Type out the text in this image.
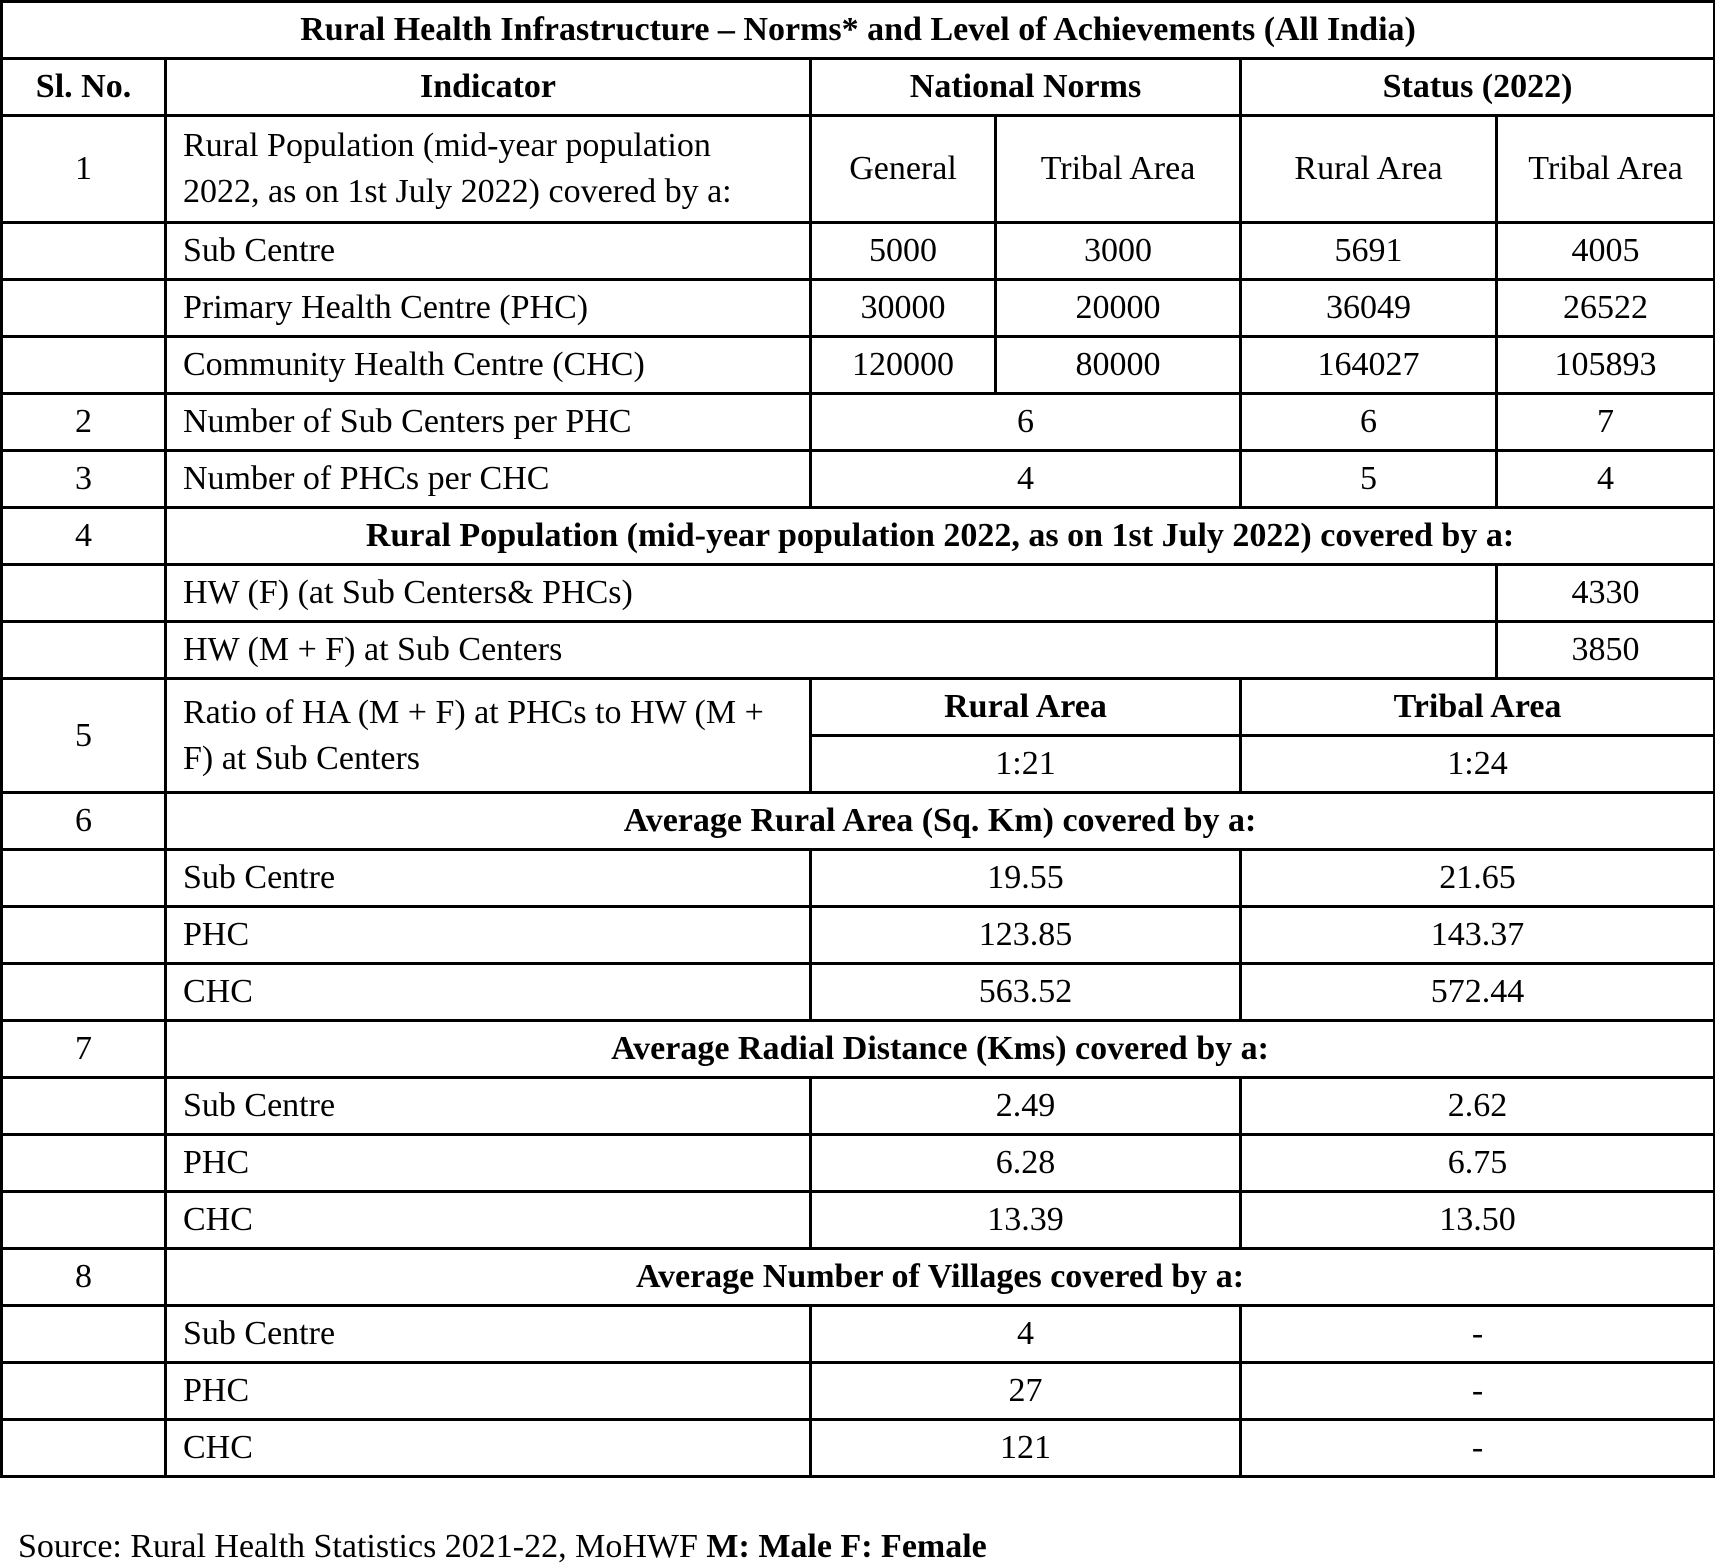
Rural Health Infrastructure – Norms* and Level of Achievements (All India)					
Sl. No.	Indicator	National Norms		Status (2022)	
1	Rural Population (mid-year population 2022, as on 1st July 2022) covered by a:	General	Tribal Area	Rural Area	Tribal Area
	Sub Centre	5000	3000	5691	4005
	Primary Health Centre (PHC)	30000	20000	36049	26522
	Community Health Centre (CHC)	120000	80000	164027	105893
2	Number of Sub Centers per PHC	6		6	7
3	Number of PHCs per CHC	4		5	4
4	Rural Population (mid-year population 2022, as on 1st July 2022) covered by a:				
	HW (F) (at Sub Centers& PHCs)				4330
	HW (M + F) at Sub Centers				3850
5	Ratio of HA (M + F) at PHCs to HW (M + F) at Sub Centers	Rural Area		Tribal Area	
		1:21		1:24	
6	Average Rural Area (Sq. Km) covered by a:				
	Sub Centre	19.55		21.65	
	PHC	123.85		143.37	
	CHC	563.52		572.44	
7	Average Radial Distance (Kms) covered by a:				
	Sub Centre	2.49		2.62	
	PHC	6.28		6.75	
	CHC	13.39		13.50	
8	Average Number of Villages covered by a:				
	Sub Centre	4		-	
	PHC	27		-	
	CHC	121		-	
Source: Rural Health Statistics 2021-22, MoHWF M: Male F: Female
